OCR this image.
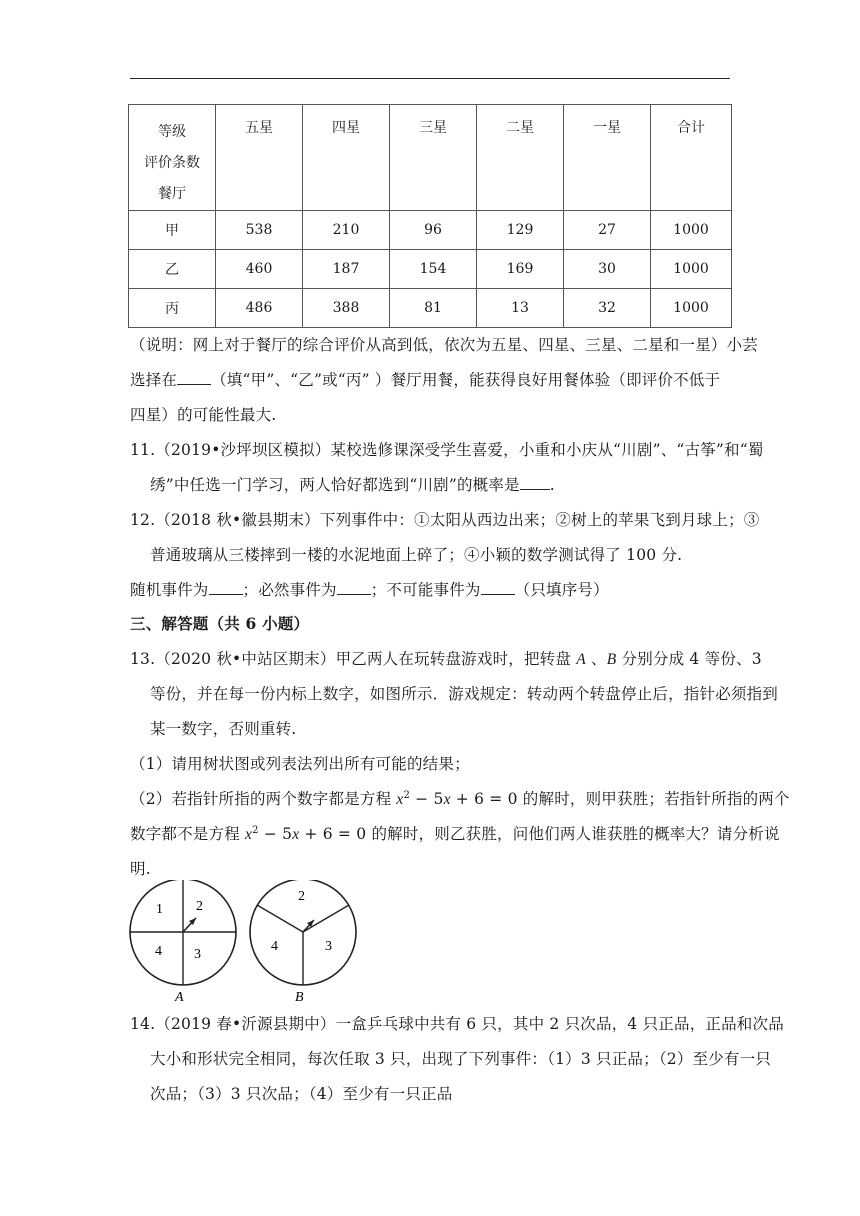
等级
评价条数
餐厅	五星	四星	三星	二星	一星	合计
甲	538	210	96	129	27	1000
乙	460	187	154	169	30	1000
丙	486	388	81	13	32	1000
（说明：网上对于餐厅的综合评价从高到低，依次为五星、四星、三星、二星和一星）小芸
选择在 （填“甲”、“乙”或“丙” ）餐厅用餐，能获得良好用餐体验（即评价不低于
四星）的可能性最大.
11.（2019•沙坪坝区模拟）某校选修课深受学生喜爱，小重和小庆从“川剧”、“古筝”和“蜀
绣”中任选一门学习，两人恰好都选到“川剧”的概率是 .
12.（2018 秋•徽县期末）下列事件中：①太阳从西边出来；②树上的苹果飞到月球上；③
普通玻璃从三楼摔到一楼的水泥地面上碎了；④小颖的数学测试得了 100 分.
随机事件为 ；必然事件为 ；不可能事件为 （只填序号）
三、解答题（共 6 小题）
13.（2020 秋•中站区期末）甲乙两人在玩转盘游戏时，把转盘 A 、B 分别分成 4 等份、3
等份，并在每一份内标上数字，如图所示．游戏规定：转动两个转盘停止后，指针必须指到
某一数字，否则重转.
（1）请用树状图或列表法列出所有可能的结果；
（2）若指针所指的两个数字都是方程 $x^2 - 5x + 6 = 0$ 的解时，则甲获胜；若指针所指的两个
数字都不是方程 $x^2 - 5x + 6 = 0$ 的解时，则乙获胜，问他们两人谁获胜的概率大？请分析说
明.
1 2
4 3
A
2
4	3
B
14.（2019 春•沂源县期中）一盒乒乓球中共有 6 只，其中 2 只次品，4 只正品，正品和次品
大小和形状完全相同，每次任取 3 只，出现了下列事件：（1）3 只正品；（2）至少有一只
次品；（3）3 只次品；（4）至少有一只正品
